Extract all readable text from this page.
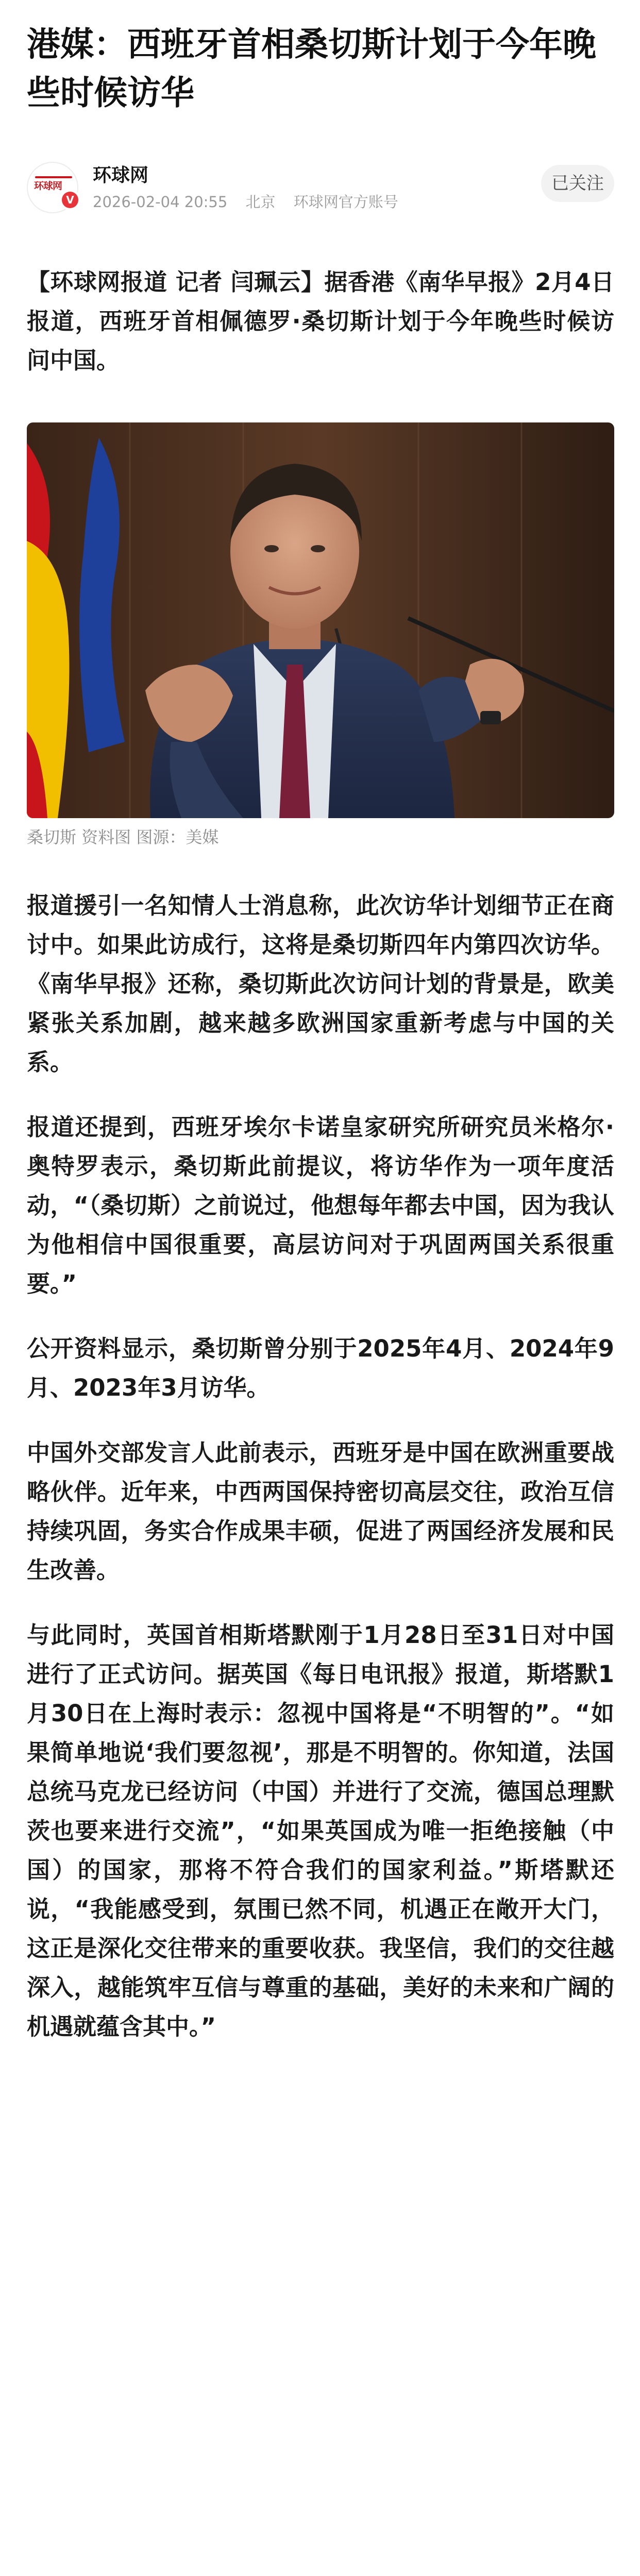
港媒：西班牙首相桑切斯计划于今年晚些时候访华
环球网
V
环球网
2026-02-04 20:55 北京 环球网官方账号
已关注

【环球网报道 记者 闫珮云】据香港《南华早报》2月4日报道，西班牙首相佩德罗·桑切斯计划于今年晚些时候访问中国。

桑切斯 资料图 图源：美媒

报道援引一名知情人士消息称，此次访华计划细节正在商讨中。如果此访成行，这将是桑切斯四年内第四次访华。《南华早报》还称，桑切斯此次访问计划的背景是，欧美紧张关系加剧，越来越多欧洲国家重新考虑与中国的关系。

报道还提到，西班牙埃尔卡诺皇家研究所研究员米格尔·奥特罗表示，桑切斯此前提议，将访华作为一项年度活动，“（桑切斯）之前说过，他想每年都去中国，因为我认为他相信中国很重要，高层访问对于巩固两国关系很重要。”

公开资料显示，桑切斯曾分别于2025年4月、2024年9月、2023年3月访华。

中国外交部发言人此前表示，西班牙是中国在欧洲重要战略伙伴。近年来，中西两国保持密切高层交往，政治互信持续巩固，务实合作成果丰硕，促进了两国经济发展和民生改善。

与此同时，英国首相斯塔默刚于1月28日至31日对中国进行了正式访问。据英国《每日电讯报》报道，斯塔默1月30日在上海时表示：忽视中国将是“不明智的”。“如果简单地说‘我们要忽视’，那是不明智的。你知道，法国总统马克龙已经访问（中国）并进行了交流，德国总理默茨也要来进行交流”，“如果英国成为唯一拒绝接触（中国）的国家，那将不符合我们的国家利益。”斯塔默还说，“我能感受到，氛围已然不同，机遇正在敞开大门，这正是深化交往带来的重要收获。我坚信，我们的交往越深入，越能筑牢互信与尊重的基础，美好的未来和广阔的机遇就蕴含其中。”
